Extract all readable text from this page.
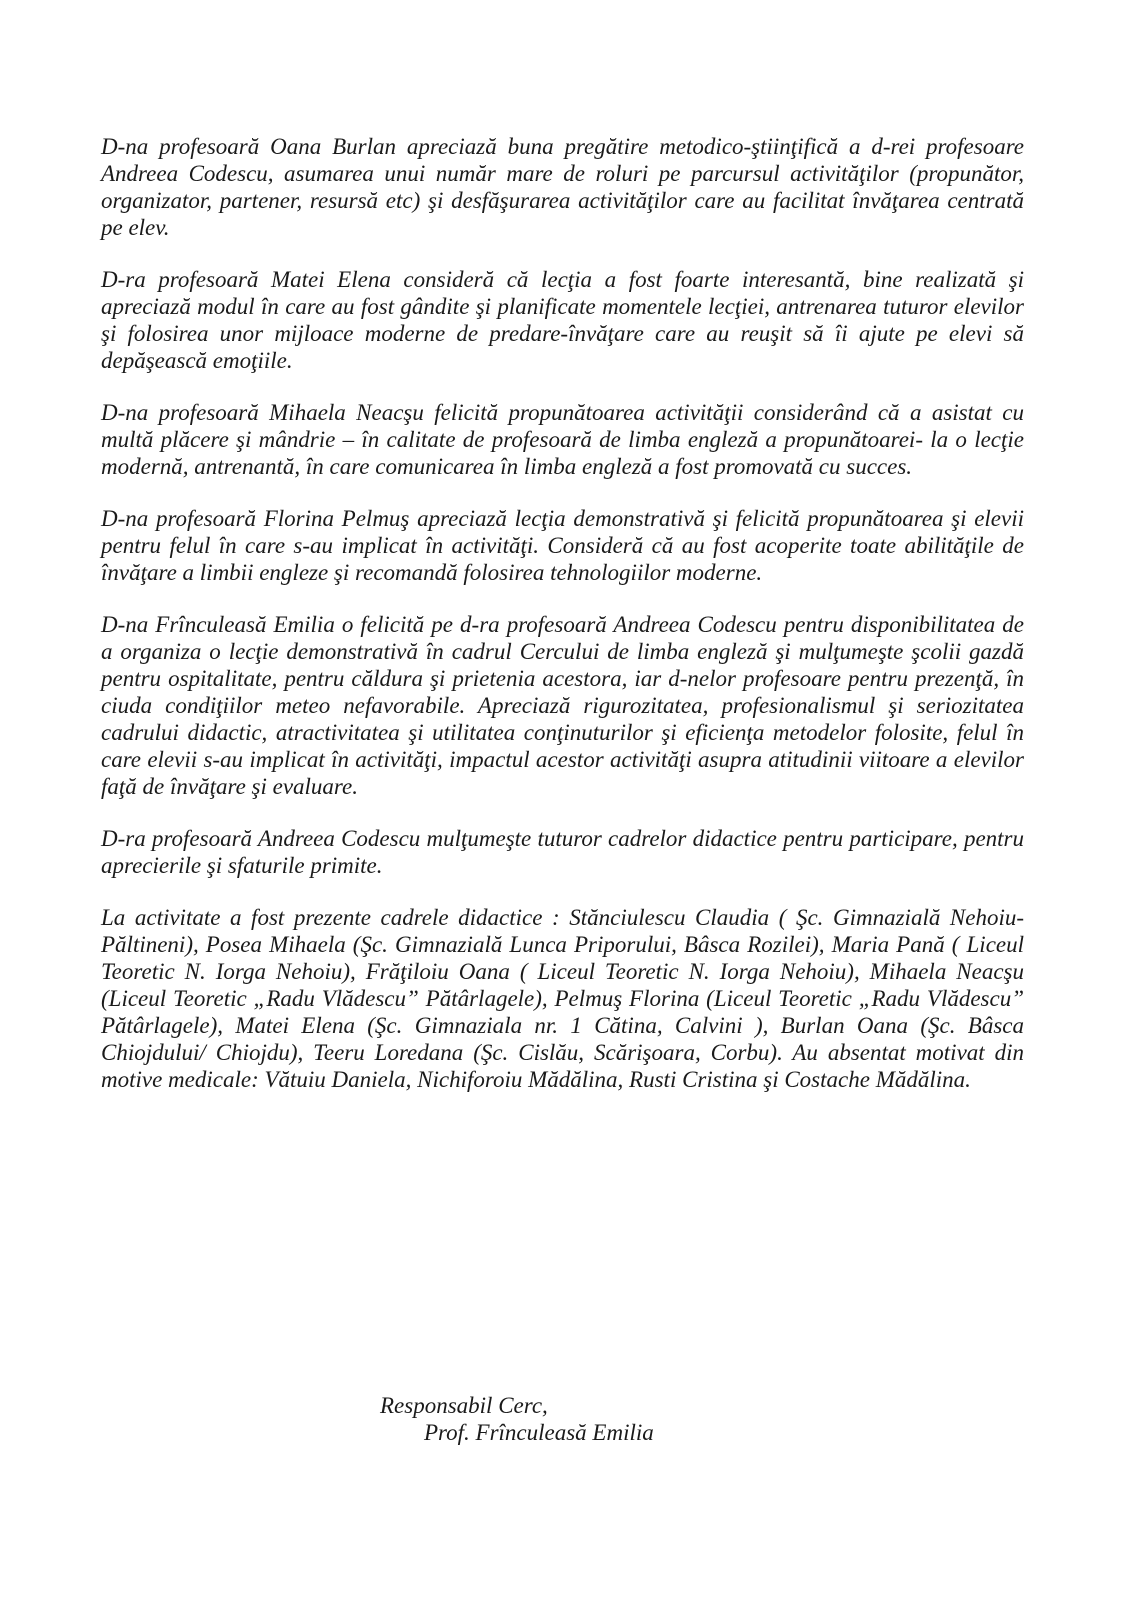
D-na profesoară Oana Burlan apreciază buna pregătire metodico-ştiinţifică a d-rei profesoare Andreea Codescu, asumarea unui număr mare de roluri pe parcursul activităţilor (propunător, organizator, partener, resursă etc) şi desfăşurarea activităţilor care au facilitat învăţarea centrată pe elev.

D-ra profesoară Matei Elena consideră că lecţia a fost foarte interesantă, bine realizată şi apreciază modul în care au fost gândite şi planificate momentele lecţiei, antrenarea tuturor elevilor şi folosirea unor mijloace moderne de predare-învăţare care au reuşit să îi ajute pe elevi să depăşească emoţiile.

D-na profesoară Mihaela Neacşu felicită propunătoarea activităţii considerând că a asistat cu multă plăcere şi mândrie – în calitate de profesoară de limba engleză a propunătoarei- la o lecţie modernă, antrenantă, în care comunicarea în limba engleză a fost promovată cu succes.

D-na profesoară Florina Pelmuş apreciază lecţia demonstrativă şi felicită propunătoarea şi elevii pentru felul în care s-au implicat în activităţi. Consideră că au fost acoperite toate abilităţile de învăţare a limbii engleze şi recomandă folosirea tehnologiilor moderne.

D-na Frînculeasă Emilia o felicită pe d-ra profesoară Andreea Codescu pentru disponibilitatea de a organiza o lecţie demonstrativă în cadrul Cercului de limba engleză şi mulţumeşte şcolii gazdă pentru ospitalitate, pentru căldura şi prietenia acestora, iar d-nelor profesoare pentru prezenţă, în ciuda condiţiilor meteo nefavorabile. Apreciază rigurozitatea, profesionalismul şi seriozitatea cadrului didactic, atractivitatea şi utilitatea conţinuturilor şi eficienţa metodelor folosite, felul în care elevii s-au implicat în activităţi, impactul acestor activităţi asupra atitudinii viitoare a elevilor faţă de învăţare şi evaluare.

D-ra profesoară Andreea Codescu mulţumeşte tuturor cadrelor didactice pentru participare, pentru aprecierile şi sfaturile primite.

La activitate a fost prezente cadrele didactice : Stănciulescu Claudia ( Şc. Gimnazială Nehoiu- Păltineni), Posea Mihaela (Şc. Gimnazială Lunca Priporului, Bâsca Rozilei), Maria Pană ( Liceul Teoretic N. Iorga Nehoiu), Frăţiloiu Oana ( Liceul Teoretic N. Iorga Nehoiu), Mihaela Neacşu (Liceul Teoretic „Radu Vlădescu” Pătârlagele), Pelmuş Florina (Liceul Teoretic „Radu Vlădescu” Pătârlagele), Matei Elena (Şc. Gimnaziala nr. 1 Cătina, Calvini ), Burlan Oana (Şc. Bâsca Chiojdului/ Chiojdu), Teeru Loredana (Şc. Cislău, Scărişoara, Corbu). Au absentat motivat din motive medicale: Vătuiu Daniela, Nichiforoiu Mădălina, Rusti Cristina şi Costache Mădălina.

Responsabil Cerc,
Prof. Frînculeasă Emilia
